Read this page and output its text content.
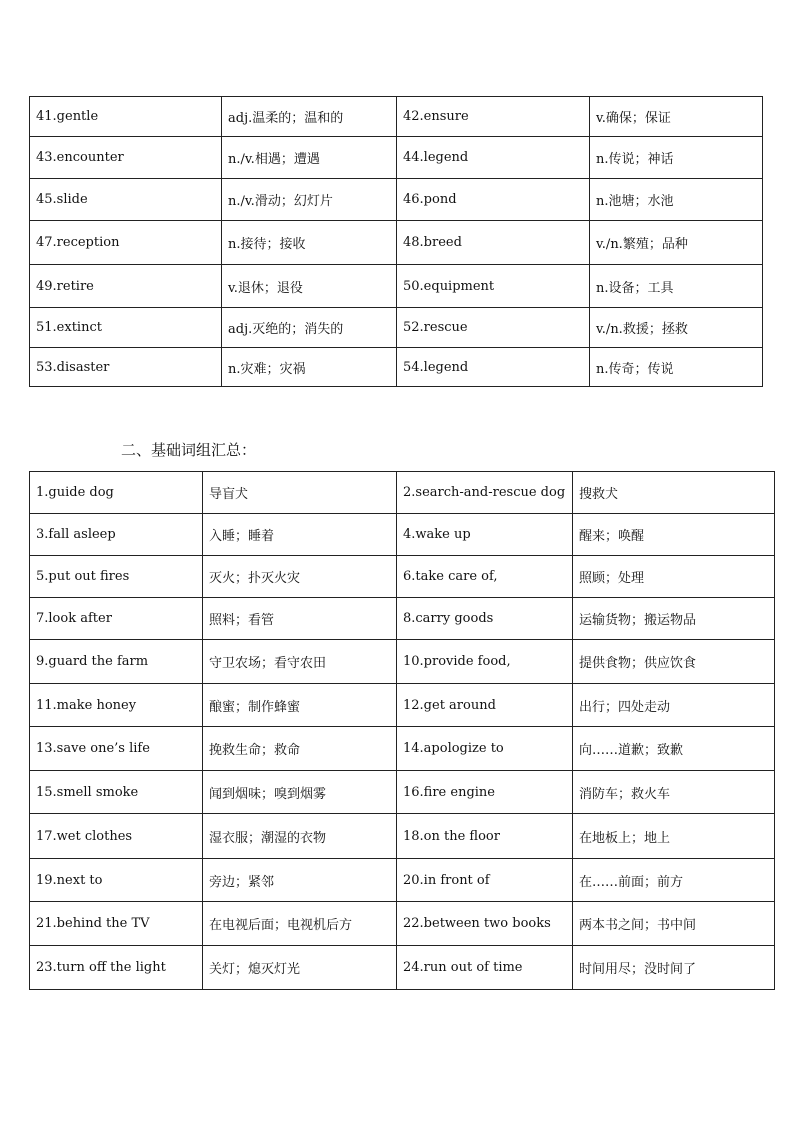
41.gentle	adj.温柔的；温和的	42.ensure	v.确保；保证
43.encounter	n./v.相遇；遭遇	44.legend	n.传说；神话
45.slide	n./v.滑动；幻灯片	46.pond	n.池塘；水池
47.reception	n.接待；接收	48.breed	v./n.繁殖；品种
49.retire	v.退休；退役	50.equipment	n.设备；工具
51.extinct	adj.灭绝的；消失的	52.rescue	v./n.救援；拯救
53.disaster	n.灾难；灾祸	54.legend	n.传奇；传说
二、基础词组汇总：
1.guide dog	导盲犬	2.search-and-rescue dog	搜救犬
3.fall asleep	入睡；睡着	4.wake up	醒来；唤醒
5.put out fires	灭火；扑灭火灾	6.take care of,	照顾；处理
7.look after	照料；看管	8.carry goods	运输货物；搬运物品
9.guard the farm	守卫农场；看守农田	10.provide food,	提供食物；供应饮食
11.make honey	酿蜜；制作蜂蜜	12.get around	出行；四处走动
13.save one’s life	挽救生命；救命	14.apologize to	向……道歉；致歉
15.smell smoke	闻到烟味；嗅到烟雾	16.fire engine	消防车；救火车
17.wet clothes	湿衣服；潮湿的衣物	18.on the floor	在地板上；地上
19.next to	旁边；紧邻	20.in front of	在……前面；前方
21.behind the TV	在电视后面；电视机后方	22.between two books	两本书之间；书中间
23.turn off the light	关灯；熄灭灯光	24.run out of time	时间用尽；没时间了
